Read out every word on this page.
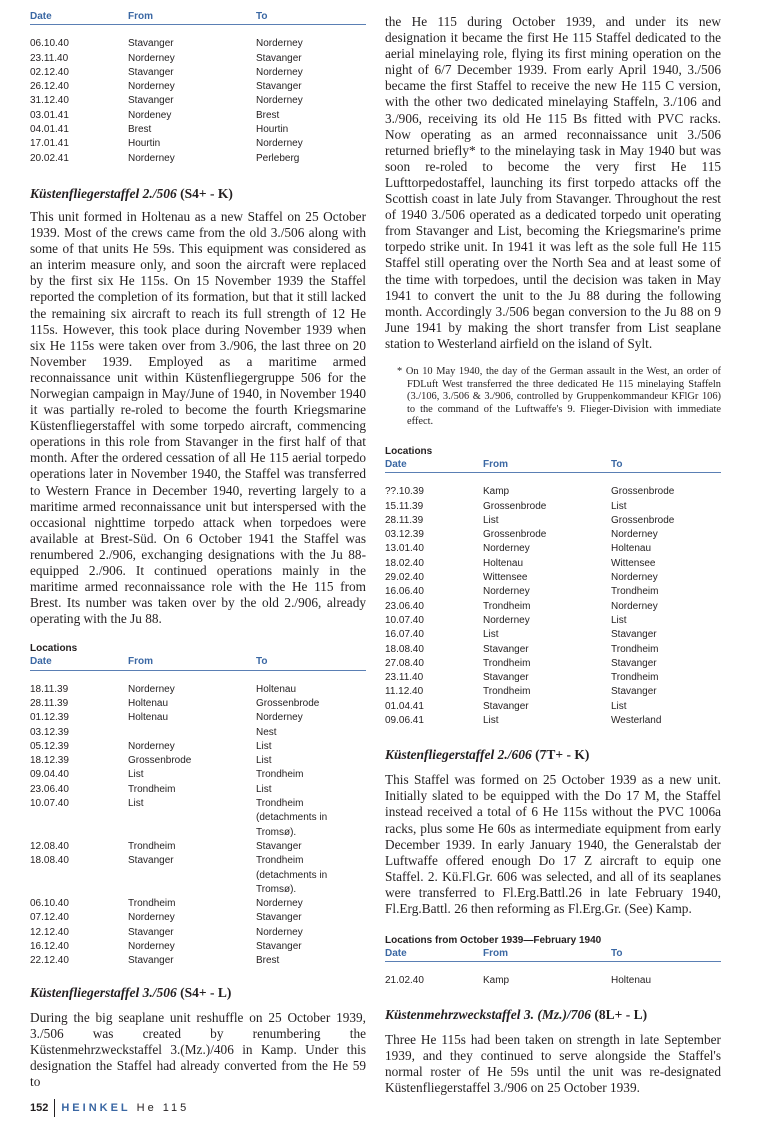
Date	From	To

06.10.40	Stavanger	Norderney
23.11.40	Norderney	Stavanger
02.12.40	Stavanger	Norderney
26.12.40	Norderney	Stavanger
31.12.40	Stavanger	Norderney
03.01.41	Nordeney	Brest
04.01.41	Brest	Hourtin
17.01.41	Hourtin	Norderney
20.02.41	Norderney	Perleberg
Küstenfliegerstaffel 2./506 (S4+ - K)

This unit formed in Holtenau as a new Staffel on 25 October 1939. Most of the crews came from the old 3./506 along with some of that units He 59s. This equipment was considered as an interim measure only, and soon the aircraft were replaced by the first six He 115s. On 15 November 1939 the Staffel reported the completion of its formation, but that it still lacked the remaining six aircraft to reach its full strength of 12 He 115s. However, this took place during November 1939 when six He 115s were taken over from 3./906, the last three on 20 November 1939. Employed as a maritime armed reconnaissance unit within Küstenfliegergruppe 506 for the Norwegian campaign in May/June of 1940, in November 1940 it was partially re-roled to become the fourth Kriegsmarine Küstenfliegerstaffel with some torpedo aircraft, commencing operations in this role from Stavanger in the first half of that month. After the ordered cessation of all He 115 aerial torpedo operations later in November 1940, the Staffel was transferred to Western France in December 1940, reverting largely to a maritime armed reconnaissance unit but interspersed with the occasional nighttime torpedo attack when torpedoes were available at Brest-Süd. On 6 October 1941 the Staffel was renumbered 2./906, exchanging designations with the Ju 88-equipped 2./906. It continued operations mainly in the maritime armed reconnaissance role with the He 115 from Brest. Its number was taken over by the old 2./906, already operating with the Ju 88.

Locations
Date	From	To

18.11.39	Norderney	Holtenau
28.11.39	Holtenau	Grossenbrode
01.12.39	Holtenau	Norderney
03.12.39		Nest
05.12.39	Norderney	List
18.12.39	Grossenbrode	List
09.04.40	List	Trondheim
23.06.40	Trondheim	List
10.07.40	List	Trondheim (detachments in Tromsø).
12.08.40	Trondheim	Stavanger
18.08.40	Stavanger	Trondheim (detachments in Tromsø).
06.10.40	Trondheim	Norderney
07.12.40	Norderney	Stavanger
12.12.40	Stavanger	Norderney
16.12.40	Norderney	Stavanger
22.12.40	Stavanger	Brest
Küstenfliegerstaffel 3./506 (S4+ - L)

During the big seaplane unit reshuffle on 25 October 1939, 3./506 was created by renumbering the Küstenmehrzweckstaffel 3.(Mz.)/406 in Kamp. Under this designation the Staffel had already converted from the He 59 to

the He 115 during October 1939, and under its new designation it became the first He 115 Staffel dedicated to the aerial minelaying role, flying its first mining operation on the night of 6/7 December 1939. From early April 1940, 3./506 became the first Staffel to receive the new He 115 C version, with the other two dedicated minelaying Staffeln, 3./106 and 3./906, receiving its old He 115 Bs fitted with PVC racks. Now operating as an armed reconnaissance unit 3./506 returned briefly* to the minelaying task in May 1940 but was soon re-roled to become the very first He 115 Lufttorpedostaffel, launching its first torpedo attacks off the Scottish coast in late July from Stavanger. Throughout the rest of 1940 3./506 operated as a dedicated torpedo unit operating from Stavanger and List, becoming the Kriegsmarine's prime torpedo strike unit. In 1941 it was left as the sole full He 115 Staffel still operating over the North Sea and at least some of the time with torpedoes, until the decision was taken in May 1941 to convert the unit to the Ju 88 during the following month. Accordingly 3./506 began conversion to the Ju 88 on 9 June 1941 by making the short transfer from List seaplane station to Westerland airfield on the island of Sylt.

* On 10 May 1940, the day of the German assault in the West, an order of FDLuft West transferred the three dedicated He 115 minelaying Staffeln (3./106, 3./506 & 3./906, controlled by Gruppenkommandeur KFlGr 106) to the command of the Luftwaffe's 9. Flieger-Division with immediate effect.

Locations
Date	From	To

??.10.39	Kamp	Grossenbrode
15.11.39	Grossenbrode	List
28.11.39	List	Grossenbrode
03.12.39	Grossenbrode	Norderney
13.01.40	Norderney	Holtenau
18.02.40	Holtenau	Wittensee
29.02.40	Wittensee	Norderney
16.06.40	Norderney	Trondheim
23.06.40	Trondheim	Norderney
10.07.40	Norderney	List
16.07.40	List	Stavanger
18.08.40	Stavanger	Trondheim
27.08.40	Trondheim	Stavanger
23.11.40	Stavanger	Trondheim
11.12.40	Trondheim	Stavanger
01.04.41	Stavanger	List
09.06.41	List	Westerland
Küstenfliegerstaffel 2./606 (7T+ - K)

This Staffel was formed on 25 October 1939 as a new unit. Initially slated to be equipped with the Do 17 M, the Staffel instead received a total of 6 He 115s without the PVC 1006a racks, plus some He 60s as intermediate equipment from early December 1939. In early January 1940, the Generalstab der Luftwaffe offered enough Do 17 Z aircraft to equip one Staffel. 2. Kü.Fl.Gr. 606 was selected, and all of its seaplanes were transferred to Fl.Erg.Battl.26 in late February 1940, Fl.Erg.Battl. 26 then reforming as Fl.Erg.Gr. (See) Kamp.

Locations from October 1939—February 1940
Date	From	To

21.02.40	Kamp	Holtenau
Küstenmehrzweckstaffel 3. (Mz.)/706 (8L+ - L)

Three He 115s had been taken on strength in late September 1939, and they continued to serve alongside the Staffel's normal roster of He 59s until the unit was re-designated Küstenfliegerstaffel 3./906 on 25 October 1939.

152 HEINKEL He 115
